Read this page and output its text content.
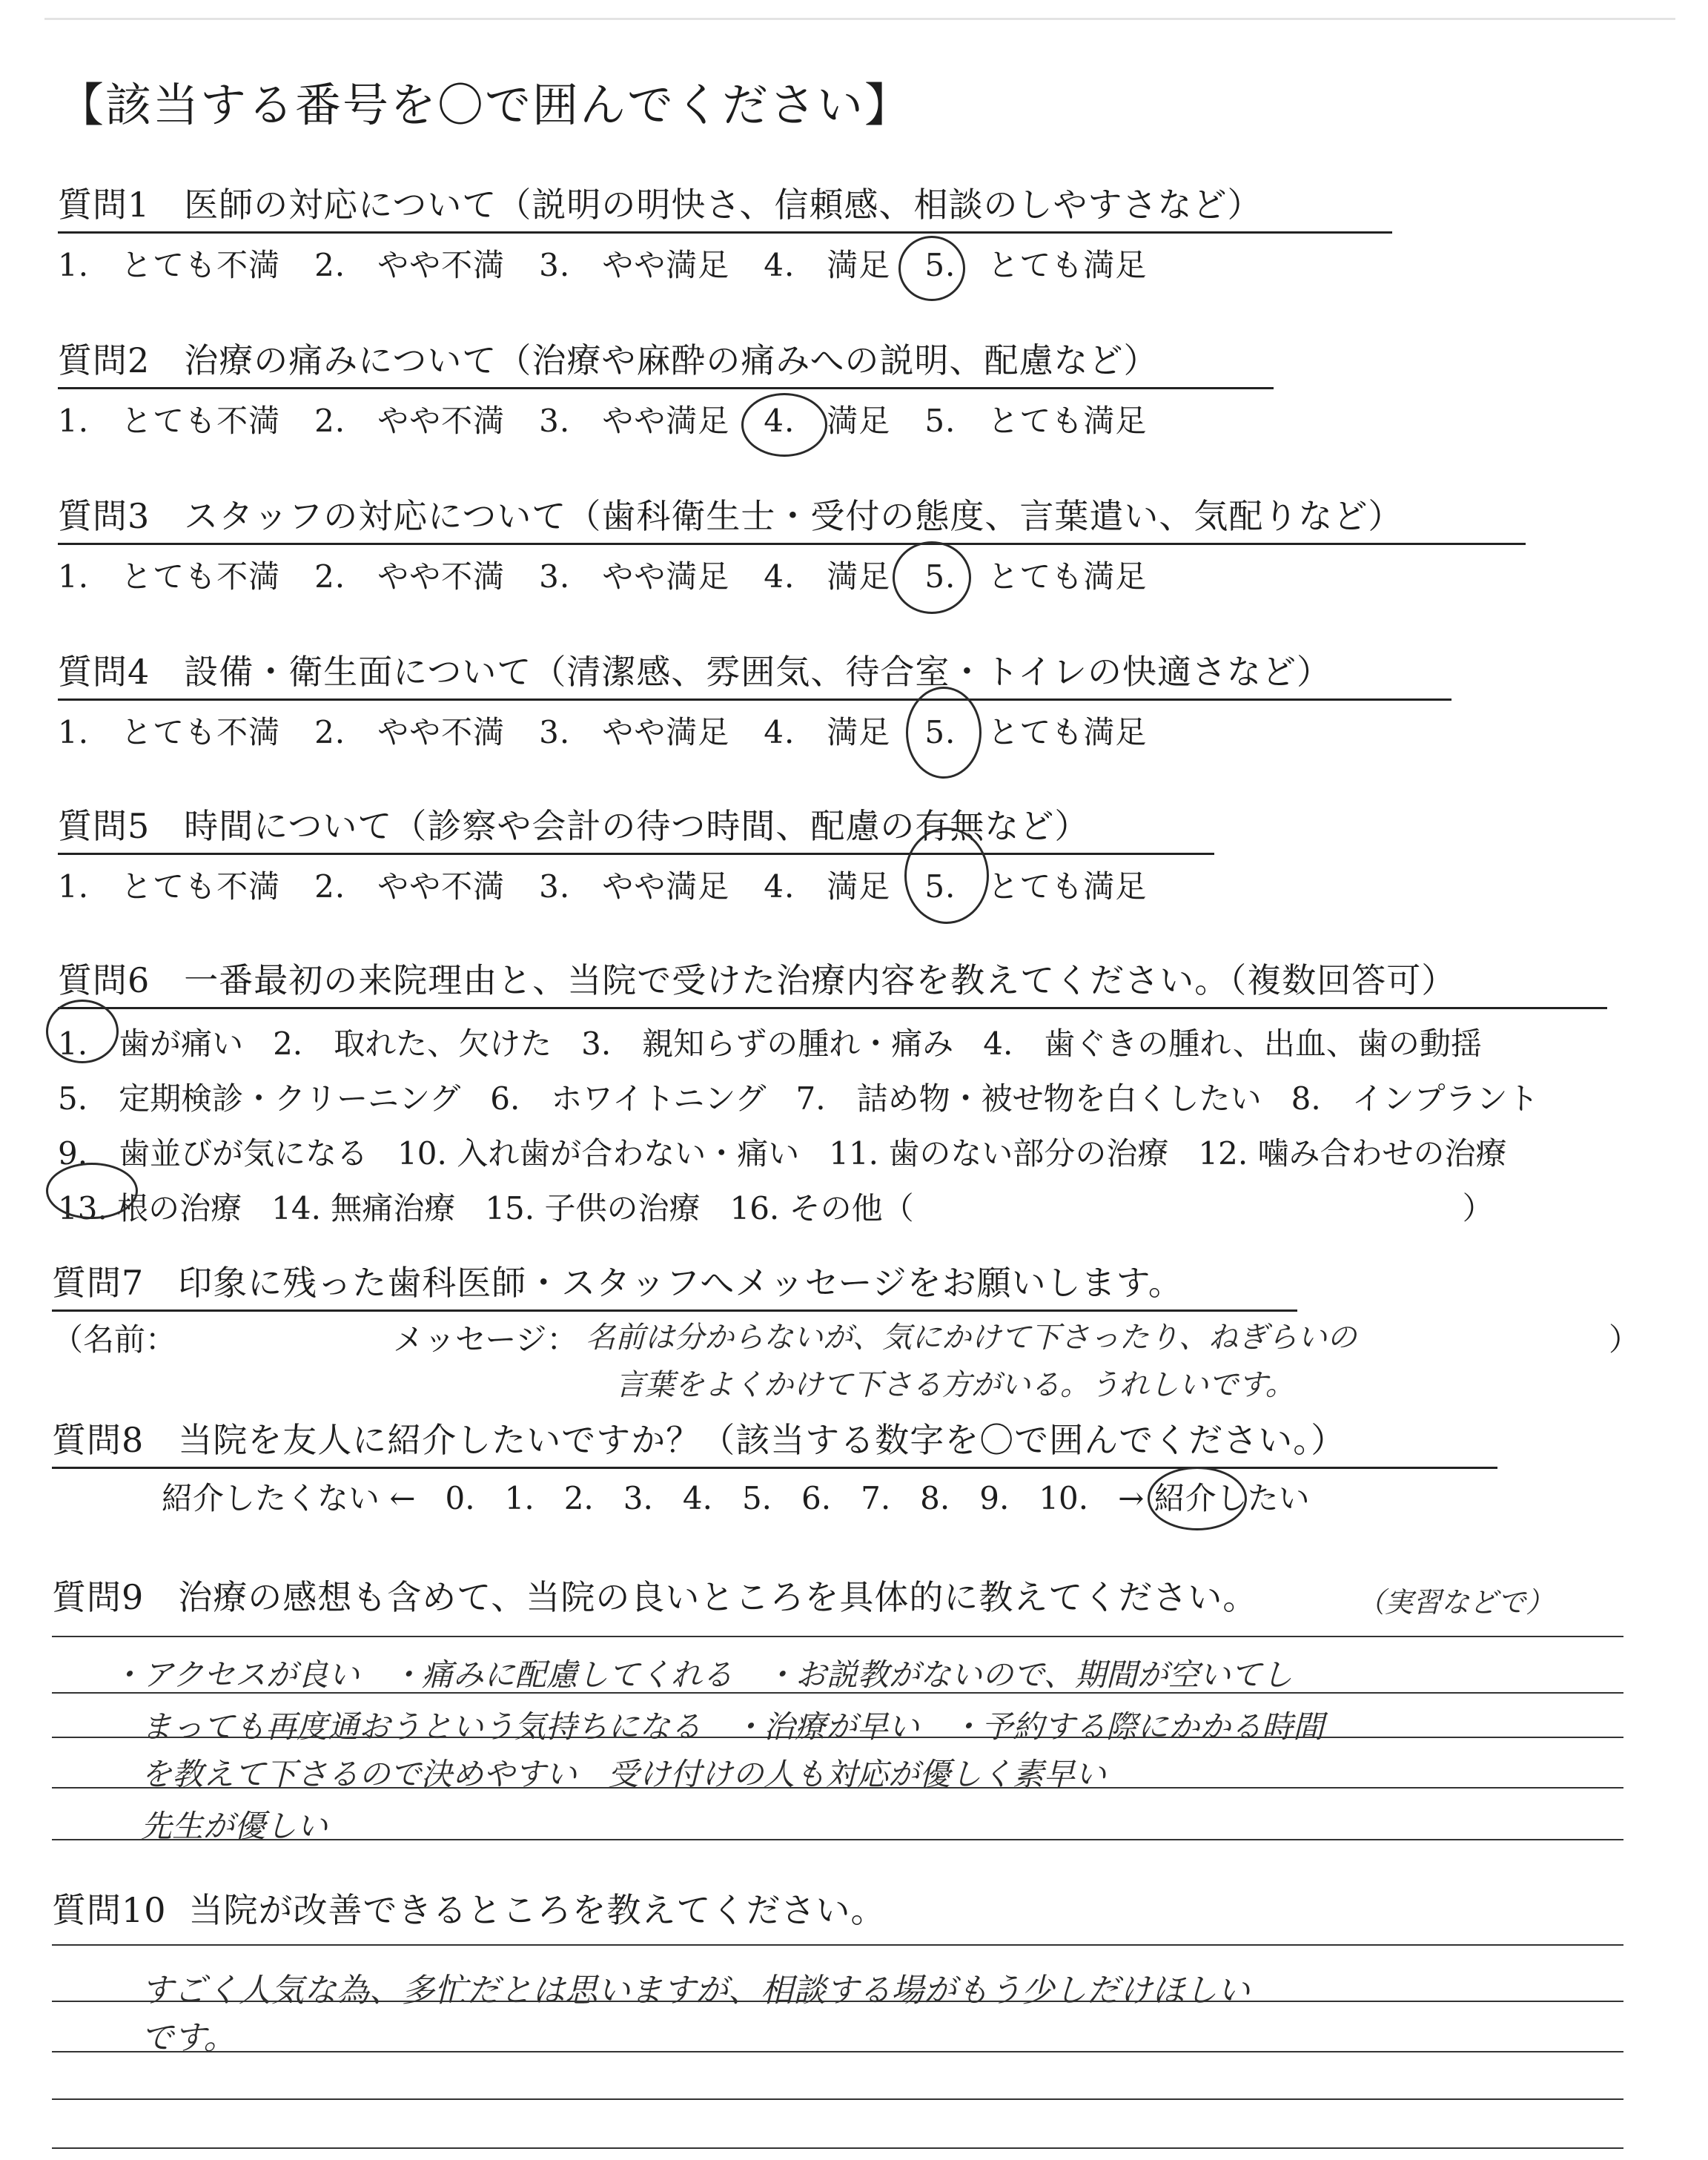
【該当する番号を〇で囲んでください】
質問1 医師の対応について（説明の明快さ、信頼感、相談のしやすさなど）
1.　とても不満 2.　やや不満 3.　やや満足 4.　満足 5.　とても満足
質問2 治療の痛みについて（治療や麻酔の痛みへの説明、配慮など）
1.　とても不満 2.　やや不満 3.　やや満足 4.　満足 5.　とても満足
質問3 スタッフの対応について（歯科衛生士・受付の態度、言葉遣い、気配りなど）
1.　とても不満 2.　やや不満 3.　やや満足 4.　満足 5.　とても満足
質問4 設備・衛生面について（清潔感、雰囲気、待合室・トイレの快適さなど）
1.　とても不満 2.　やや不満 3.　やや満足 4.　満足 5.　とても満足
質問5 時間について（診察や会計の待つ時間、配慮の有無など）
1.　とても不満 2.　やや不満 3.　やや満足 4.　満足 5.　とても満足
質問6 一番最初の来院理由と、当院で受けた治療内容を教えてください。（複数回答可）
1.　歯が痛い 2.　取れた、欠けた 3.　親知らずの腫れ・痛み 4.　歯ぐきの腫れ、出血、歯の動揺
5.　定期検診・クリーニング 6.　ホワイトニング 7.　詰め物・被せ物を白くしたい 8.　インプラント
9.　歯並びが気になる 10. 入れ歯が合わない・痛い 11. 歯のない部分の治療 12. 噛み合わせの治療
13. 根の治療 14. 無痛治療 15. 子供の治療 16. その他（	）
質問7 印象に残った歯科医師・スタッフへメッセージをお願いします。
（名前：	メッセージ： 名前は分からないが、気にかけて下さったり、ねぎらいの
言葉をよくかけて下さる方がいる。うれしいです。
）
質問8 当院を友人に紹介したいですか？（該当する数字を〇で囲んでください。）
紹介したくない ← 0. 1. 2. 3. 4. 5. 6. 7. 8. 9. 10. → 紹介したい
質問9 治療の感想も含めて、当院の良いところを具体的に教えてください。	（実習などで）
・アクセスが良い　・痛みに配慮してくれる　・お説教がないので、期間が空いてし
まっても再度通おうという気持ちになる　・治療が早い　・予約する際にかかる時間
を教えて下さるので決めやすい　受け付けの人も対応が優しく素早い
先生が優しい
質問10 当院が改善できるところを教えてください。
すごく人気な為、多忙だとは思いますが、相談する場がもう少しだけほしい
です。
